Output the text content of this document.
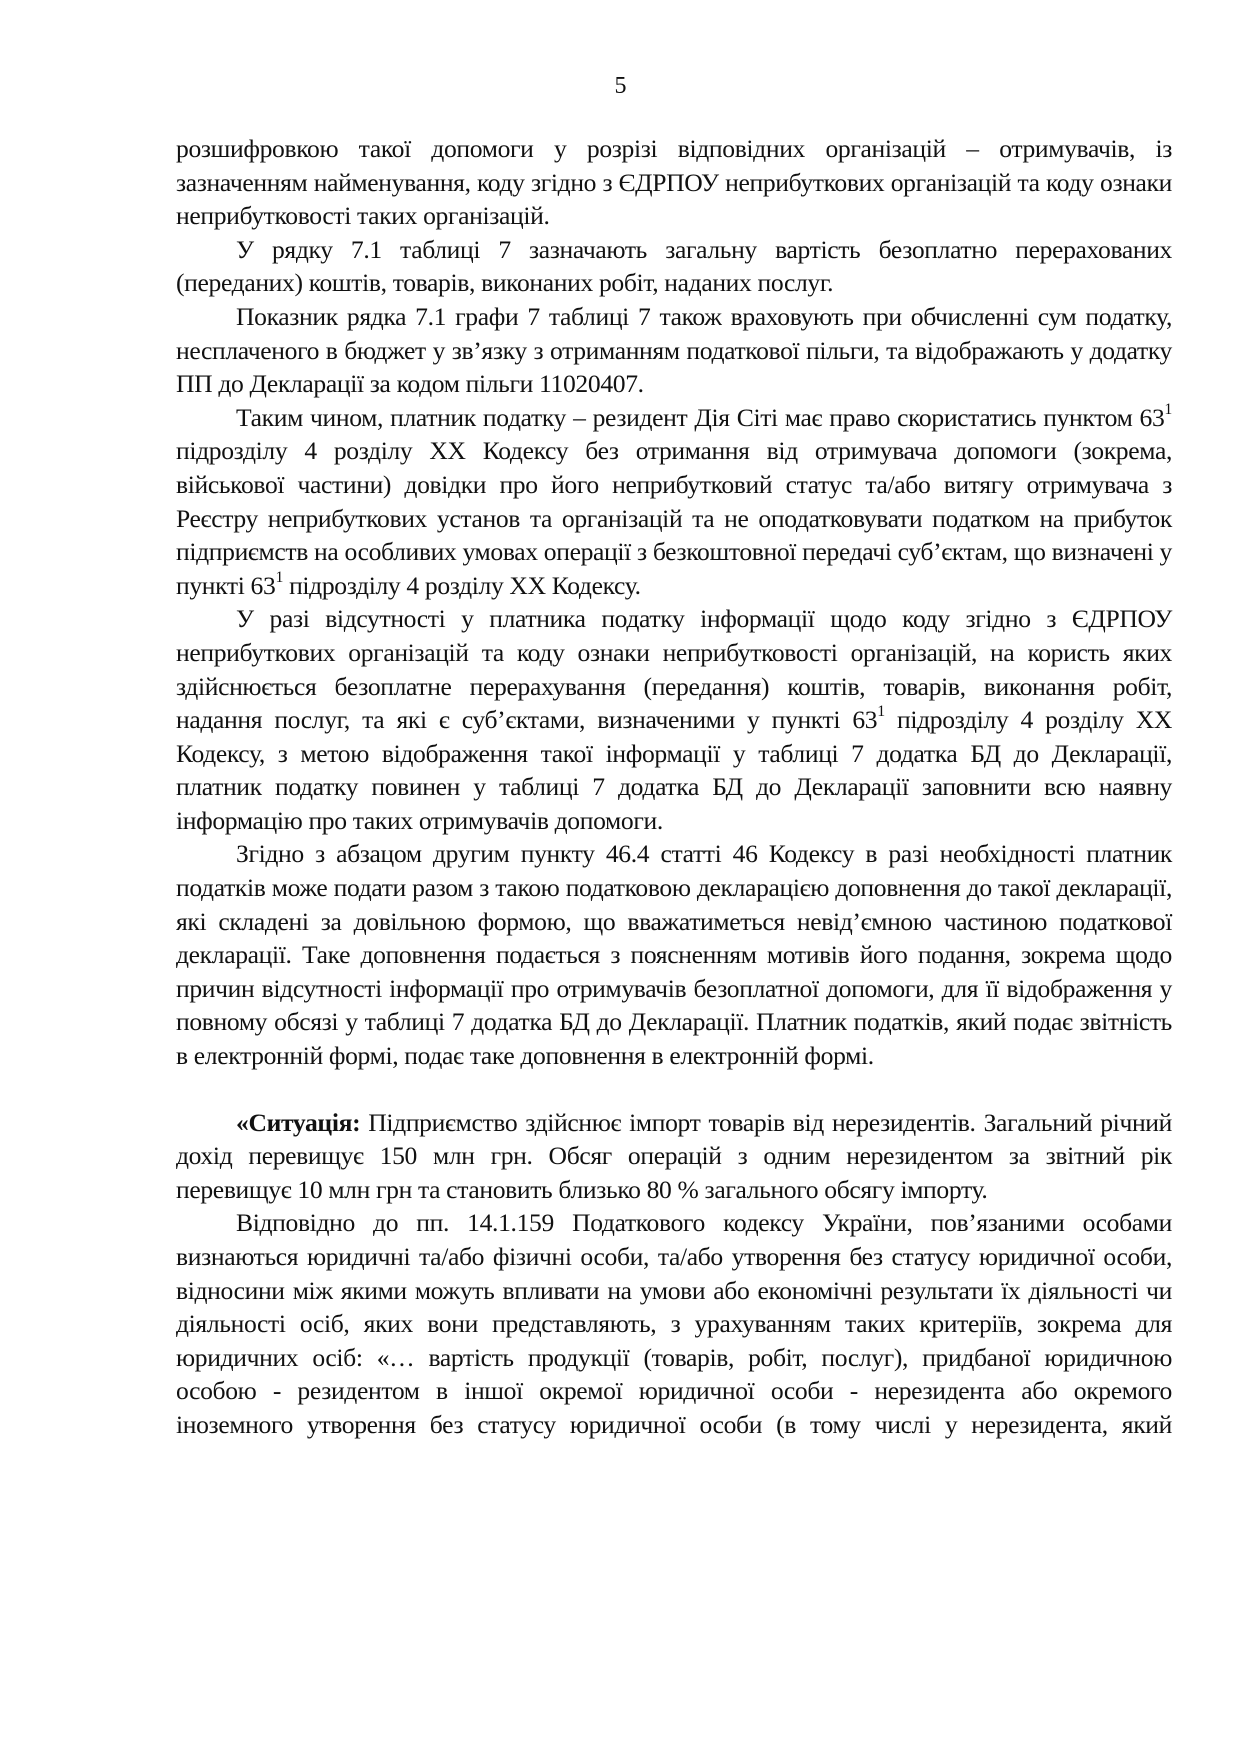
5

розшифровкою такої допомоги у розрізі відповідних організацій – отримувачів, із зазначенням найменування, коду згідно з ЄДРПОУ неприбуткових організацій та коду ознаки неприбутковості таких організацій.

У рядку 7.1 таблиці 7 зазначають загальну вартість безоплатно перерахованих (переданих) коштів, товарів, виконаних робіт, наданих послуг.

Показник рядка 7.1 графи 7 таблиці 7 також враховують при обчисленні сум податку, несплаченого в бюджет у зв’язку з отриманням податкової пільги, та відображають у додатку ПП до Декларації за кодом пільги 11020407.

Таким чином, платник податку – резидент Дія Сіті має право скористатись пунктом $63^1$ підрозділу 4 розділу ХХ Кодексу без отримання від отримувача допомоги (зокрема, військової частини) довідки про його неприбутковий статус та/або витягу отримувача з Реєстру неприбуткових установ та організацій та не оподатковувати податком на прибуток підприємств на особливих умовах операції з безкоштовної передачі суб’єктам, що визначені у пункті $63^1$ підрозділу 4 розділу ХХ Кодексу.

У разі відсутності у платника податку інформації щодо коду згідно з ЄДРПОУ неприбуткових організацій та коду ознаки неприбутковості організацій, на користь яких здійснюється безоплатне перерахування (передання) коштів, товарів, виконання робіт, надання послуг, та які є суб’єктами, визначеними у пункті $63^1$ підрозділу 4 розділу ХХ Кодексу, з метою відображення такої інформації у таблиці 7 додатка БД до Декларації, платник податку повинен у таблиці 7 додатка БД до Декларації заповнити всю наявну інформацію про таких отримувачів допомоги.

Згідно з абзацом другим пункту 46.4 статті 46 Кодексу в разі необхідності платник податків може подати разом з такою податковою декларацією доповнення до такої декларації, які складені за довільною формою, що вважатиметься невід’ємною частиною податкової декларації. Таке доповнення подається з поясненням мотивів його подання, зокрема щодо причин відсутності інформації про отримувачів безоплатної допомоги, для її відображення у повному обсязі у таблиці 7 додатка БД до Декларації. Платник податків, який подає звітність в електронній формі, подає таке доповнення в електронній формі.

«Ситуація: Підприємство здійснює імпорт товарів від нерезидентів. Загальний річний дохід перевищує 150 млн грн. Обсяг операцій з одним нерезидентом за звітний рік перевищує 10 млн грн та становить близько 80 % загального обсягу імпорту.

Відповідно до пп. 14.1.159 Податкового кодексу України, пов’язаними особами визнаються юридичні та/або фізичні особи, та/або утворення без статусу юридичної особи, відносини між якими можуть впливати на умови або економічні результати їх діяльності чи діяльності осіб, яких вони представляють, з урахуванням таких критеріїв, зокрема для юридичних осіб: «… вартість продукції (товарів, робіт, послуг), придбаної юридичною особою - резидентом в іншої окремої юридичної особи - нерезидента або окремого іноземного утворення без статусу юридичної особи (в тому числі у нерезидента, який
